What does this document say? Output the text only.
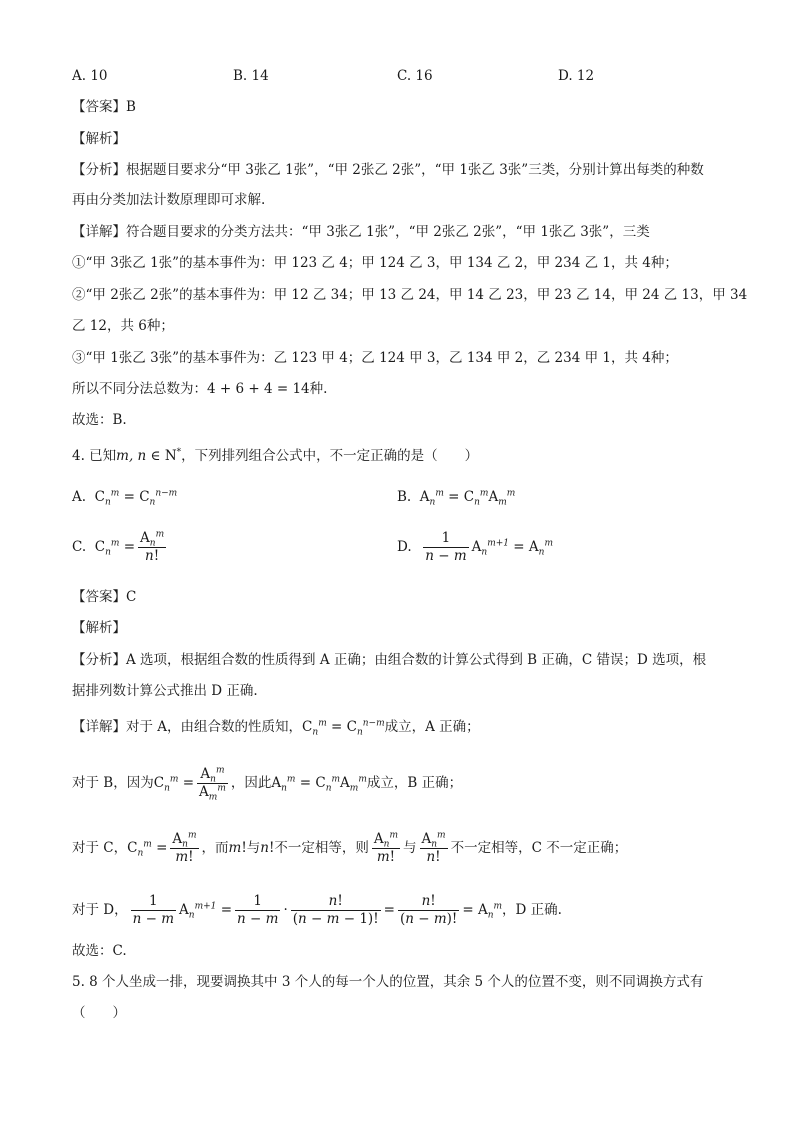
A. 10	B. 14	C. 16	D. 12
【答案】B
【解析】
【分析】根据题目要求分“甲 3张乙 1张”，“甲 2张乙 2张”，“甲 1张乙 3张”三类，分别计算出每类的种数
再由分类加法计数原理即可求解.
【详解】符合题目要求的分类方法共：“甲 3张乙 1张”，“甲 2张乙 2张”，“甲 1张乙 3张”，三类
①“甲 3张乙 1张”的基本事件为：甲 123 乙 4；甲 124 乙 3，甲 134 乙 2，甲 234 乙 1，共 4种；
②“甲 2张乙 2张”的基本事件为：甲 12 乙 34；甲 13 乙 24，甲 14 乙 23，甲 23 乙 14，甲 24 乙 13，甲 34
乙 12，共 6种；
③“甲 1张乙 3张”的基本事件为：乙 123 甲 4；乙 124 甲 3，乙 134 甲 2，乙 234 甲 1，共 4种；
所以不同分法总数为：4 + 6 + 4 = 14种.
故选：B.
4. 已知m, n ∈ N*，下列排列组合公式中，不一定正确的是（　　）
A.  $C_n^m = C_n^{n-m}$	B.  $A_n^m = C_n^mA_m^m$
C.  $C_n^m = \frac{A_n^m}{n!}$	D. $\frac{1}{n - m} A_n^{m+1} = A_n^m$
【答案】C
【解析】
【分析】A 选项，根据组合数的性质得到 A 正确；由组合数的计算公式得到 B 正确，C 错误；D 选项，根
据排列数计算公式推出 D 正确.
【详解】对于 A，由组合数的性质知，$C_n^m = C_n^{n-m}$成立，A 正确；
对于 B，因为$C_n^m = \frac{A_n^m}{A_m^m}$ ，因此$A_n^m = C_n^mA_m^m$成立，B 正确；
对于 C，$C_n^m = \frac{A_n^m}{m!}$ ，而m!与n!不一定相等，则 $\frac{A_n^m}{m!}$ 与 $\frac{A_n^m}{n!}$ 不一定相等，C 不一定正确；
对于 D， $\frac{1}{n - m} A_n^{m+1} = \frac{1}{n - m} \cdot \frac{n!}{(n - m - 1)!} = \frac{n!}{(n - m)!} = A_n^m$，D 正确.
故选：C.
5. 8 个人坐成一排，现要调换其中 3 个人的每一个人的位置，其余 5 个人的位置不变，则不同调换方式有
（　　）
